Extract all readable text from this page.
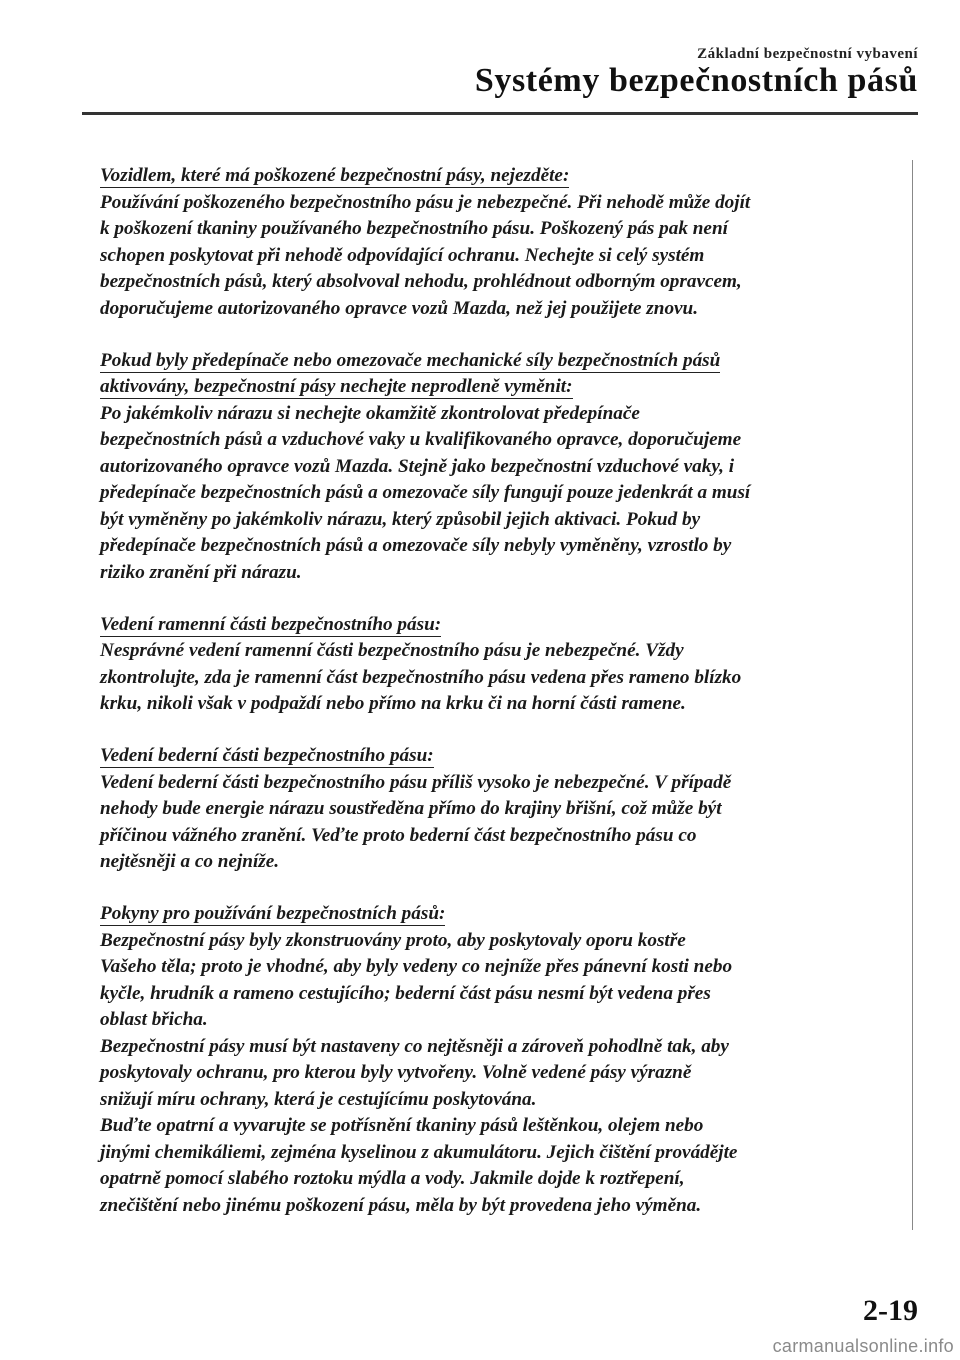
Základní bezpečnostní vybavení
Systémy bezpečnostních pásů
Vozidlem, které má poškozené bezpečnostní pásy, nejezděte:
Používání poškozeného bezpečnostního pásu je nebezpečné. Při nehodě může dojít
k poškození tkaniny používaného bezpečnostního pásu. Poškozený pás pak není
schopen poskytovat při nehodě odpovídající ochranu. Nechejte si celý systém
bezpečnostních pásů, který absolvoval nehodu, prohlédnout odborným opravcem,
doporučujeme autorizovaného opravce vozů Mazda, než jej použijete znovu.
Pokud byly předepínače nebo omezovače mechanické síly bezpečnostních pásů
aktivovány, bezpečnostní pásy nechejte neprodleně vyměnit:
Po jakémkoliv nárazu si nechejte okamžitě zkontrolovat předepínače
bezpečnostních pásů a vzduchové vaky u kvalifikovaného opravce, doporučujeme
autorizovaného opravce vozů Mazda. Stejně jako bezpečnostní vzduchové vaky, i
předepínače bezpečnostních pásů a omezovače síly fungují pouze jedenkrát a musí
být vyměněny po jakémkoliv nárazu, který způsobil jejich aktivaci. Pokud by
předepínače bezpečnostních pásů a omezovače síly nebyly vyměněny, vzrostlo by
riziko zranění při nárazu.
Vedení ramenní části bezpečnostního pásu:
Nesprávné vedení ramenní části bezpečnostního pásu je nebezpečné. Vždy
zkontrolujte, zda je ramenní část bezpečnostního pásu vedena přes rameno blízko
krku, nikoli však v podpaždí nebo přímo na krku či na horní části ramene.
Vedení bederní části bezpečnostního pásu:
Vedení bederní části bezpečnostního pásu příliš vysoko je nebezpečné. V případě
nehody bude energie nárazu soustředěna přímo do krajiny břišní, což může být
příčinou vážného zranění. Veďte proto bederní část bezpečnostního pásu co
nejtěsněji a co nejníže.
Pokyny pro používání bezpečnostních pásů:
Bezpečnostní pásy byly zkonstruovány proto, aby poskytovaly oporu kostře
Vašeho těla; proto je vhodné, aby byly vedeny co nejníže přes pánevní kosti nebo
kyčle, hrudník a rameno cestujícího; bederní část pásu nesmí být vedena přes
oblast břicha.
Bezpečnostní pásy musí být nastaveny co nejtěsněji a zároveň pohodlně tak, aby
poskytovaly ochranu, pro kterou byly vytvořeny. Volně vedené pásy výrazně
snižují míru ochrany, která je cestujícímu poskytována.
Buďte opatrní a vyvarujte se potřísnění tkaniny pásů leštěnkou, olejem nebo
jinými chemikáliemi, zejména kyselinou z akumulátoru. Jejich čištění provádějte
opatrně pomocí slabého roztoku mýdla a vody. Jakmile dojde k roztřepení,
znečištění nebo jinému poškození pásu, měla by být provedena jeho výměna.
2-19
carmanualsonline.info
